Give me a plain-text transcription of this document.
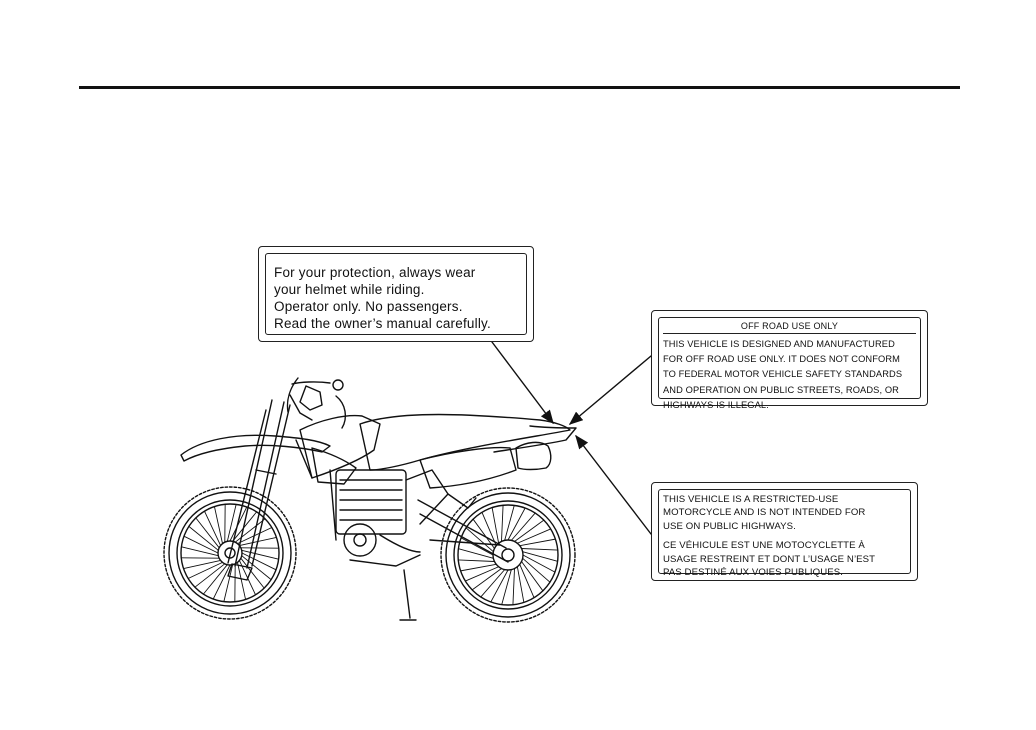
For your protection, always wear
your helmet while riding.
Operator only. No passengers.
Read the owner’s manual carefully.	OFF ROAD USE ONLY
THIS VEHICLE IS DESIGNED AND MANUFACTURED
FOR OFF ROAD USE ONLY. IT DOES NOT CONFORM
TO FEDERAL MOTOR VEHICLE SAFETY STANDARDS
AND OPERATION ON PUBLIC STREETS, ROADS, OR
HIGHWAYS IS ILLEGAL.
THIS VEHICLE IS A RESTRICTED-USE
MOTORCYCLE AND IS NOT INTENDED FOR
USE ON PUBLIC HIGHWAYS.
CE VÉHICULE EST UNE MOTOCYCLETTE À
USAGE RESTREINT ET DONT L’USAGE N’EST
PAS DESTINÉ AUX VOIES PUBLIQUES.
